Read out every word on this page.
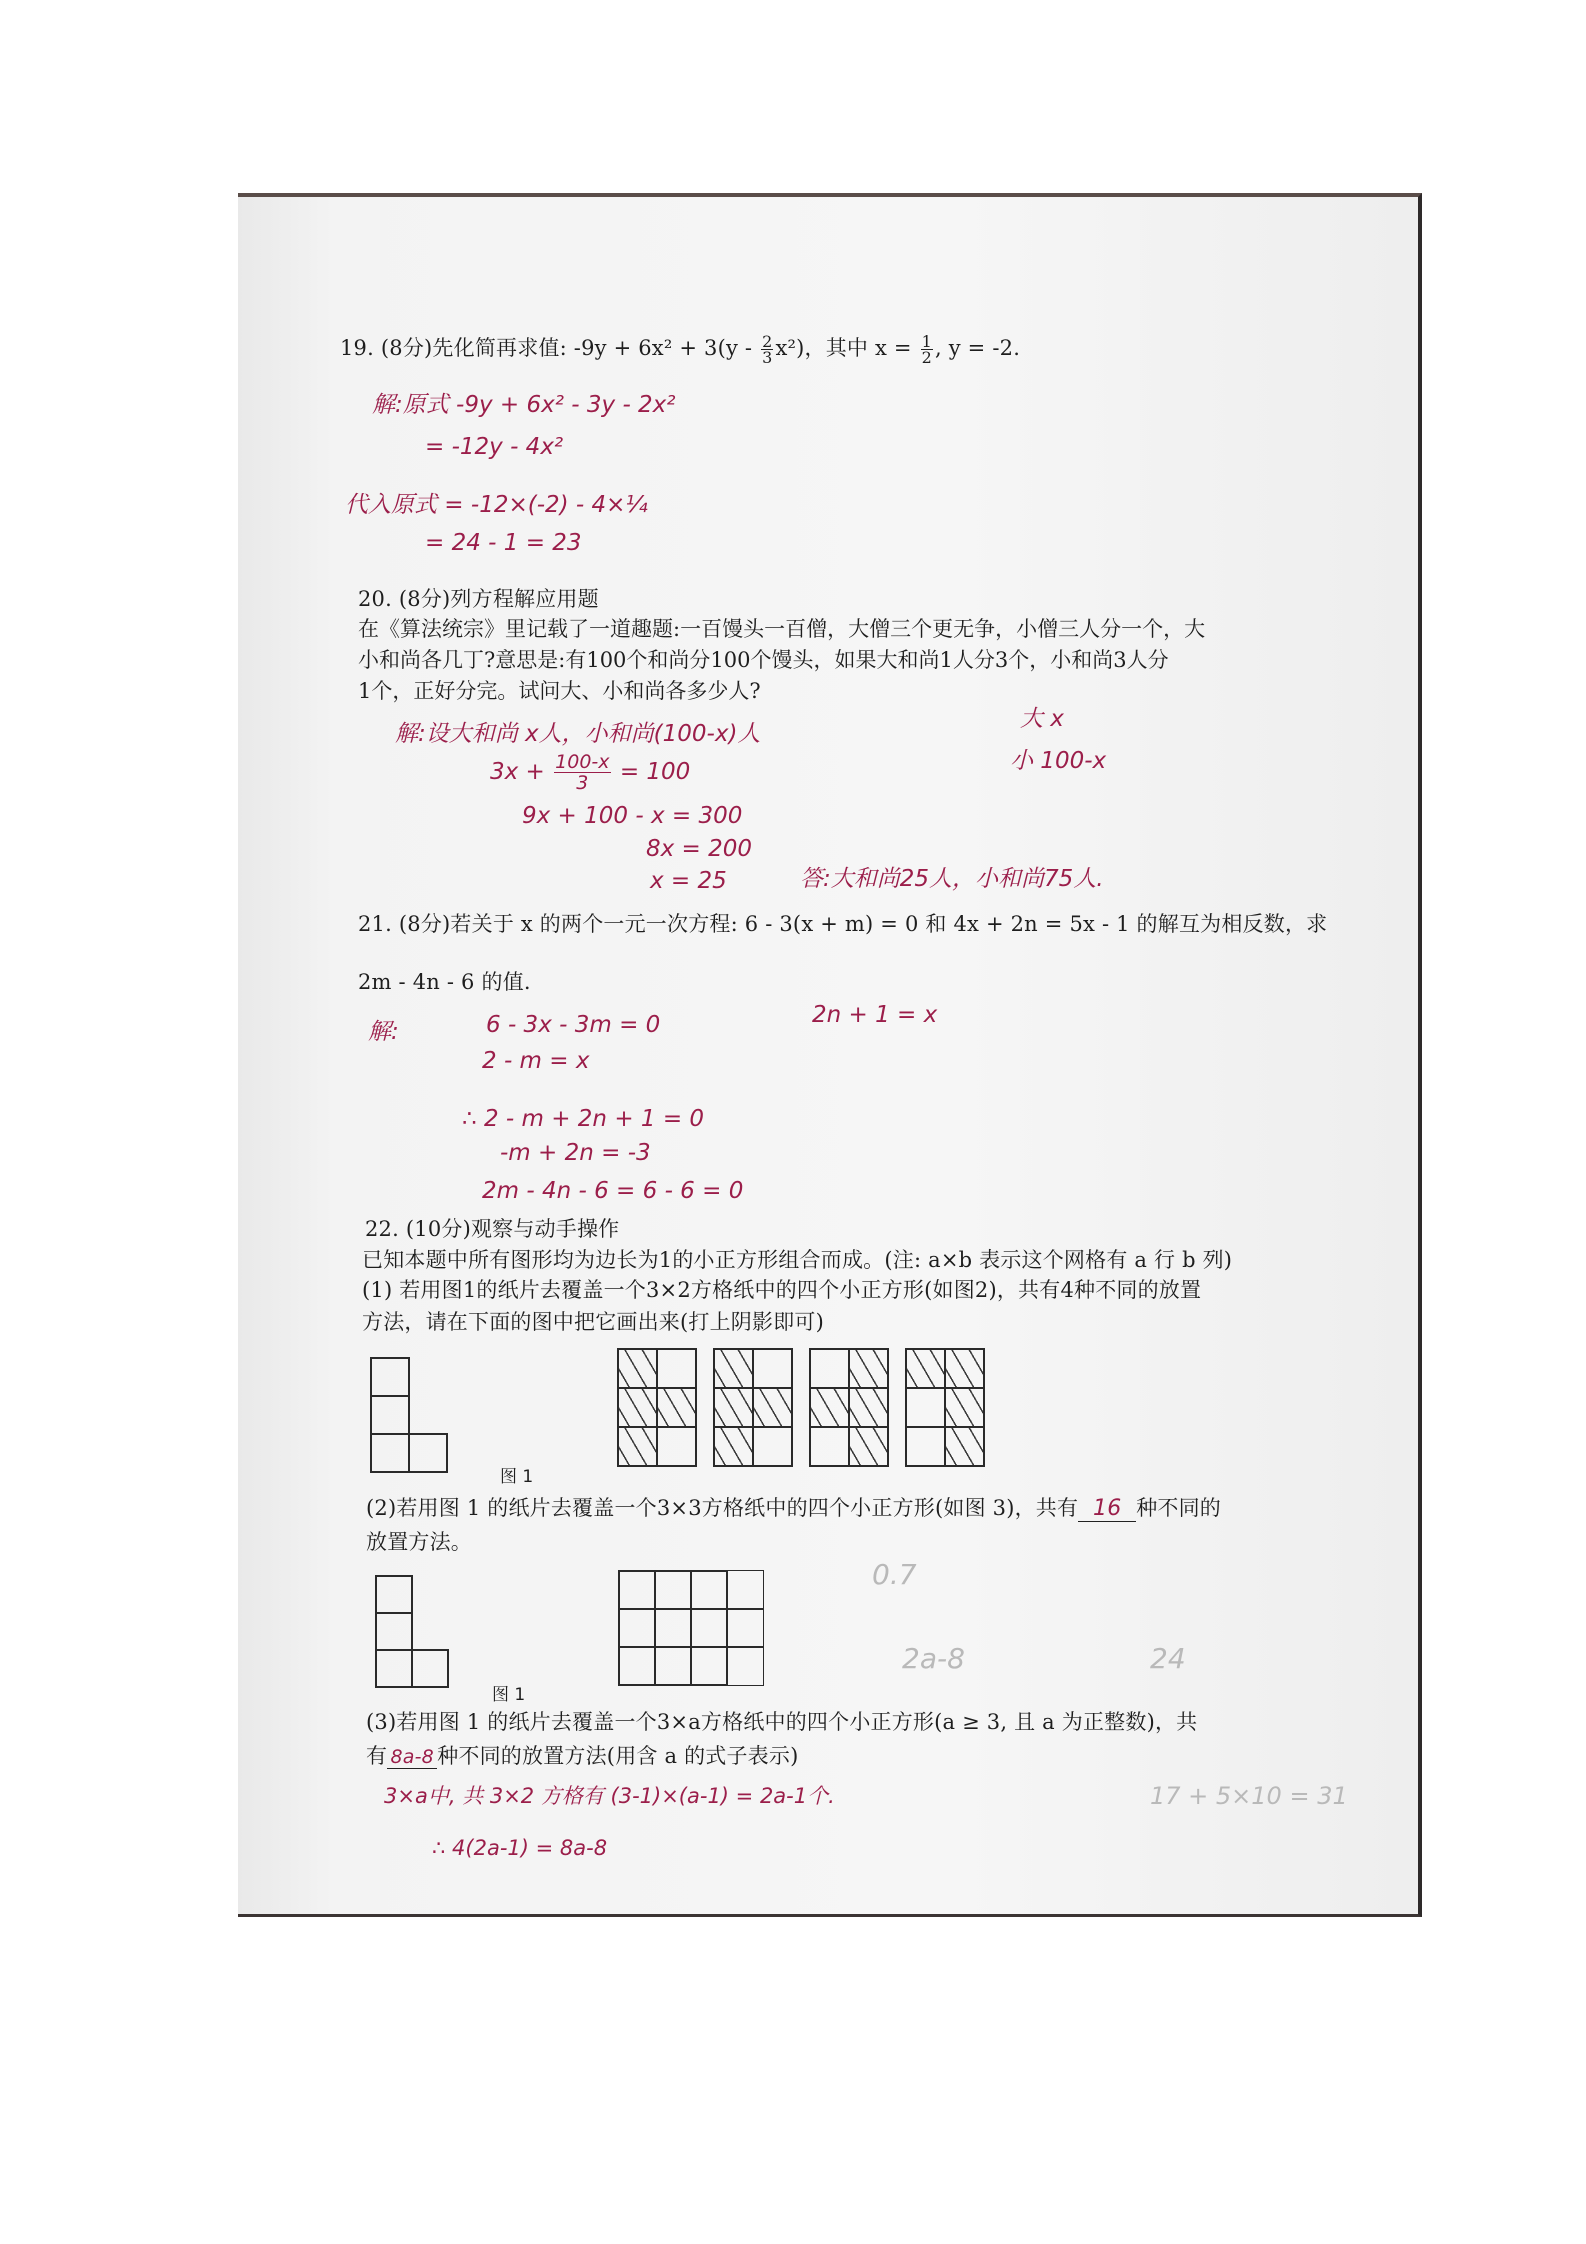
19. (8分)先化简再求值: $-9y + 6x^2 + 3(y - \frac{2}{3} x^2)$，其中 $x = \frac{1}{2}$ , y = -2.
解:原式 -9y + 6x² - 3y - 2x²
= -12y - 4x²
代入原式 = -12×(-2) - 4×¼
= 24 - 1 = 23
20. (8分)列方程解应用题
在《算法统宗》里记载了一道趣题:一百馒头一百僧，大僧三个更无争，小僧三人分一个，大
小和尚各几丁?意思是:有100个和尚分100个馒头，如果大和尚1人分3个，小和尚3人分
1个，正好分完。试问大、小和尚各多少人?
解:设大和尚 x人，小和尚(100-x)人
大 x
小 100-x
$3x + \frac{100-x}{3} = 100$
9x + 100 - x = 300
8x = 200
x = 25	答:大和尚25人，小和尚75人.
21. (8分)若关于 x 的两个一元一次方程: 6 - 3(x + m) = 0 和 4x + 2n = 5x - 1 的解互为相反数，求
2m - 4n - 6 的值.
解:	6 - 3x - 3m = 0
2 - m = x
2n + 1 = x
∴ 2 - m + 2n + 1 = 0
-m + 2n = -3
2m - 4n - 6 = 6 - 6 = 0
22. (10分)观察与动手操作
已知本题中所有图形均为边长为1的小正方形组合而成。(注: a×b 表示这个网格有 a 行 b 列)
(1) 若用图1的纸片去覆盖一个3×2方格纸中的四个小正方形(如图2)，共有4种不同的放置
方法，请在下面的图中把它画出来(打上阴影即可)
图 1
(2)若用图 1 的纸片去覆盖一个3×3方格纸中的四个小正方形(如图 3)，共有 16 种不同的
放置方法。
图 1
0.7
2a-8	24
17 + 5×10 = 31
(3)若用图 1 的纸片去覆盖一个3×a方格纸中的四个小正方形(a ≥ 3, 且 a 为正整数)，共
有 8a-8 种不同的放置方法(用含 a 的式子表示)
3×a中, 共 3×2 方格有 (3-1)×(a-1) = 2a-1个.
∴ 4(2a-1) = 8a-8
